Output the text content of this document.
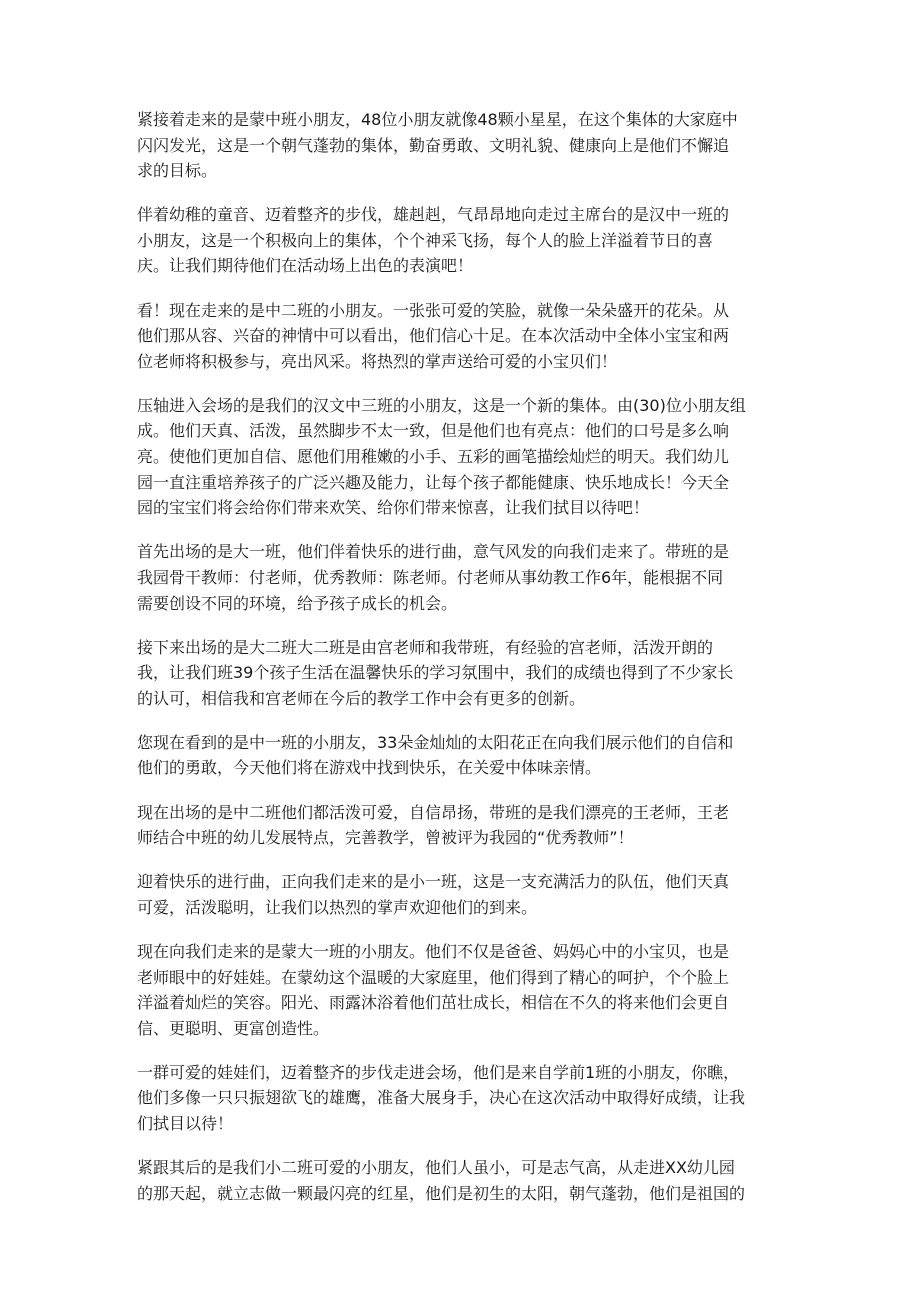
紧接着走来的是蒙中班小朋友，48位小朋友就像48颗小星星，在这个集体的大家庭中
闪闪发光，这是一个朝气蓬勃的集体，勤奋勇敢、文明礼貌、健康向上是他们不懈追
求的目标。

伴着幼稚的童音、迈着整齐的步伐，雄赳赳，气昂昂地向走过主席台的是汉中一班的
小朋友，这是一个积极向上的集体，个个神采飞扬，每个人的脸上洋溢着节日的喜
庆。让我们期待他们在活动场上出色的表演吧！

看！现在走来的是中二班的小朋友。一张张可爱的笑脸，就像一朵朵盛开的花朵。从
他们那从容、兴奋的神情中可以看出，他们信心十足。在本次活动中全体小宝宝和两
位老师将积极参与，亮出风采。将热烈的掌声送给可爱的小宝贝们！

压轴进入会场的是我们的汉文中三班的小朋友，这是一个新的集体。由(30)位小朋友组
成。他们天真、活泼，虽然脚步不太一致，但是他们也有亮点：他们的口号是多么响
亮。使他们更加自信、愿他们用稚嫩的小手、五彩的画笔描绘灿烂的明天。我们幼儿
园一直注重培养孩子的广泛兴趣及能力，让每个孩子都能健康、快乐地成长！今天全
园的宝宝们将会给你们带来欢笑、给你们带来惊喜，让我们拭目以待吧！

首先出场的是大一班，他们伴着快乐的进行曲，意气风发的向我们走来了。带班的是
我园骨干教师：付老师，优秀教师：陈老师。付老师从事幼教工作6年，能根据不同
需要创设不同的环境，给予孩子成长的机会。

接下来出场的是大二班大二班是由宫老师和我带班，有经验的宫老师，活泼开朗的
我，让我们班39个孩子生活在温馨快乐的学习氛围中，我们的成绩也得到了不少家长
的认可，相信我和宫老师在今后的教学工作中会有更多的创新。

您现在看到的是中一班的小朋友，33朵金灿灿的太阳花正在向我们展示他们的自信和
他们的勇敢，今天他们将在游戏中找到快乐，在关爱中体味亲情。

现在出场的是中二班他们都活泼可爱，自信昂扬，带班的是我们漂亮的王老师，王老
师结合中班的幼儿发展特点，完善教学，曾被评为我园的“优秀教师”！

迎着快乐的进行曲，正向我们走来的是小一班，这是一支充满活力的队伍，他们天真
可爱，活泼聪明，让我们以热烈的掌声欢迎他们的到来。

现在向我们走来的是蒙大一班的小朋友。他们不仅是爸爸、妈妈心中的小宝贝，也是
老师眼中的好娃娃。在蒙幼这个温暖的大家庭里，他们得到了精心的呵护，个个脸上
洋溢着灿烂的笑容。阳光、雨露沐浴着他们茁壮成长，相信在不久的将来他们会更自
信、更聪明、更富创造性。

一群可爱的娃娃们，迈着整齐的步伐走进会场，他们是来自学前1班的小朋友，你瞧，
他们多像一只只振翅欲飞的雄鹰，准备大展身手，决心在这次活动中取得好成绩，让我
们拭目以待！

紧跟其后的是我们小二班可爱的小朋友，他们人虽小，可是志气高，从走进XX幼儿园
的那天起，就立志做一颗最闪亮的红星，他们是初生的太阳，朝气蓬勃，他们是祖国的
